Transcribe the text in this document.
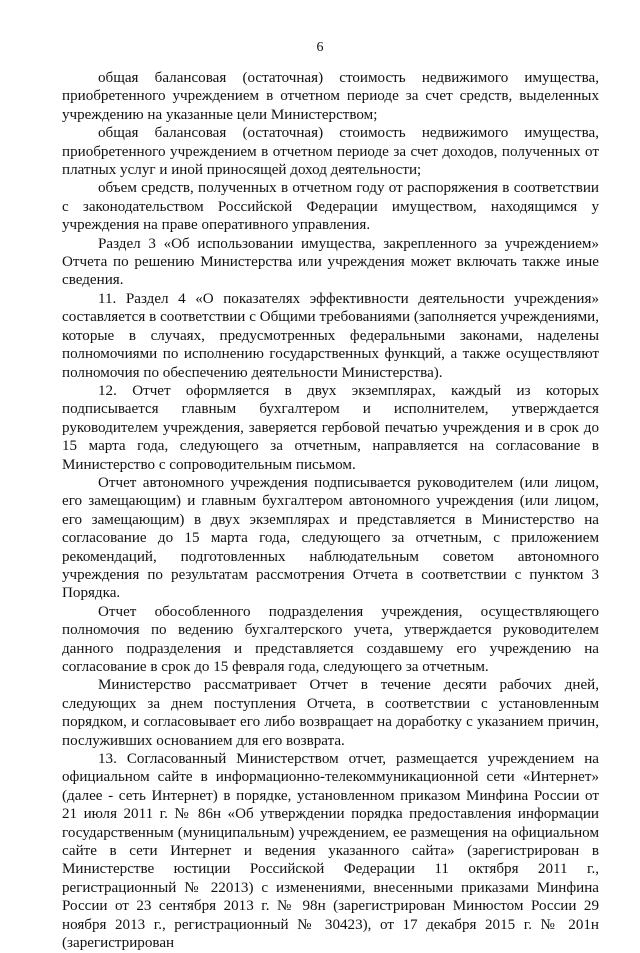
6

общая балансовая (остаточная) стоимость недвижимого имущества, приобретенного учреждением в отчетном периоде за счет средств, выделенных учреждению на указанные цели Министерством;

общая балансовая (остаточная) стоимость недвижимого имущества, приобретенного учреждением в отчетном периоде за счет доходов, полученных от платных услуг и иной приносящей доход деятельности;

объем средств, полученных в отчетном году от распоряжения в соответствии с законодательством Российской Федерации имуществом, находящимся у учреждения на праве оперативного управления.

Раздел 3 «Об использовании имущества, закрепленного за учреждением» Отчета по решению Министерства или учреждения может включать также иные сведения.

11. Раздел 4 «О показателях эффективности деятельности учреждения» составляется в соответствии с Общими требованиями (заполняется учреждениями, которые в случаях, предусмотренных федеральными законами, наделены полномочиями по исполнению государственных функций, а также осуществляют полномочия по обеспечению деятельности Министерства).

12. Отчет оформляется в двух экземплярах, каждый из которых подписывается главным бухгалтером и исполнителем, утверждается руководителем учреждения, заверяется гербовой печатью учреждения и в срок до 15 марта года, следующего за отчетным, направляется на согласование в Министерство с сопроводительным письмом.

Отчет автономного учреждения подписывается руководителем (или лицом, его замещающим) и главным бухгалтером автономного учреждения (или лицом, его замещающим) в двух экземплярах и представляется в Министерство на согласование до 15 марта года, следующего за отчетным, с приложением рекомендаций, подготовленных наблюдательным советом автономного учреждения по результатам рассмотрения Отчета в соответствии с пунктом 3 Порядка.

Отчет обособленного подразделения учреждения, осуществляющего полномочия по ведению бухгалтерского учета, утверждается руководителем данного подразделения и представляется создавшему его учреждению на согласование в срок до 15 февраля года, следующего за отчетным.

Министерство рассматривает Отчет в течение десяти рабочих дней, следующих за днем поступления Отчета, в соответствии с установленным порядком, и согласовывает его либо возвращает на доработку с указанием причин, послуживших основанием для его возврата.

13. Согласованный Министерством отчет, размещается учреждением на официальном сайте в информационно-телекоммуникационной сети «Интернет» (далее - сеть Интернет) в порядке, установленном приказом Минфина России от 21 июля 2011 г. № 86н «Об утверждении порядка предоставления информации государственным (муниципальным) учреждением, ее размещения на официальном сайте в сети Интернет и ведения указанного сайта» (зарегистрирован в Министерстве юстиции Российской Федерации 11 октября 2011 г., регистрационный № 22013) с изменениями, внесенными приказами Минфина России от 23 сентября 2013 г. № 98н (зарегистрирован Минюстом России 29 ноября 2013 г., регистрационный № 30423), от 17 декабря 2015 г. № 201н (зарегистрирован
